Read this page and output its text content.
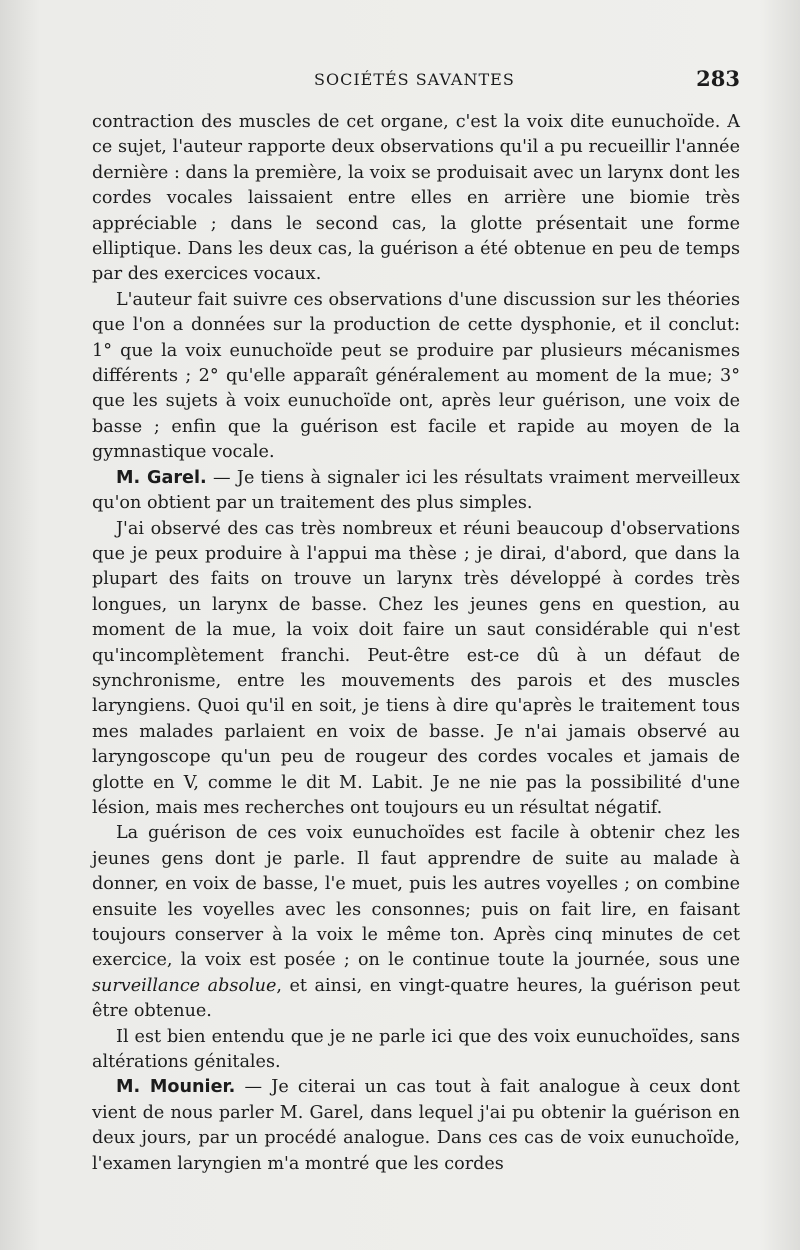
SOCIÉTÉS SAVANTES	283

contraction des muscles de cet organe, c'est la voix dite eunuchoïde. A ce sujet, l'auteur rapporte deux observations qu'il a pu recueillir l'année dernière : dans la première, la voix se produisait avec un larynx dont les cordes vocales laissaient entre elles en arrière une biomie très appréciable ; dans le second cas, la glotte présentait une forme elliptique. Dans les deux cas, la guérison a été obtenue en peu de temps par des exercices vocaux.

L'auteur fait suivre ces observations d'une discussion sur les théories que l'on a données sur la production de cette dysphonie, et il conclut: 1° que la voix eunuchoïde peut se produire par plusieurs mécanismes différents ; 2° qu'elle apparaît généralement au moment de la mue; 3° que les sujets à voix eunuchoïde ont, après leur guérison, une voix de basse ; enfin que la guérison est facile et rapide au moyen de la gymnastique vocale.

M. Garel. — Je tiens à signaler ici les résultats vraiment merveilleux qu'on obtient par un traitement des plus simples.

J'ai observé des cas très nombreux et réuni beaucoup d'observations que je peux produire à l'appui ma thèse ; je dirai, d'abord, que dans la plupart des faits on trouve un larynx très développé à cordes très longues, un larynx de basse. Chez les jeunes gens en question, au moment de la mue, la voix doit faire un saut considérable qui n'est qu'incomplètement franchi. Peut-être est-ce dû à un défaut de synchronisme, entre les mouvements des parois et des muscles laryngiens. Quoi qu'il en soit, je tiens à dire qu'après le traitement tous mes malades parlaient en voix de basse. Je n'ai jamais observé au laryngoscope qu'un peu de rougeur des cordes vocales et jamais de glotte en V, comme le dit M. Labit. Je ne nie pas la possibilité d'une lésion, mais mes recherches ont toujours eu un résultat négatif.

La guérison de ces voix eunuchoïdes est facile à obtenir chez les jeunes gens dont je parle. Il faut apprendre de suite au malade à donner, en voix de basse, l'e muet, puis les autres voyelles ; on combine ensuite les voyelles avec les consonnes; puis on fait lire, en faisant toujours conserver à la voix le même ton. Après cinq minutes de cet exercice, la voix est posée ; on le continue toute la journée, sous une surveillance absolue, et ainsi, en vingt-quatre heures, la guérison peut être obtenue.

Il est bien entendu que je ne parle ici que des voix eunuchoïdes, sans altérations génitales.

M. Mounier. — Je citerai un cas tout à fait analogue à ceux dont vient de nous parler M. Garel, dans lequel j'ai pu obtenir la guérison en deux jours, par un procédé analogue. Dans ces cas de voix eunuchoïde, l'examen laryngien m'a montré que les cordes
